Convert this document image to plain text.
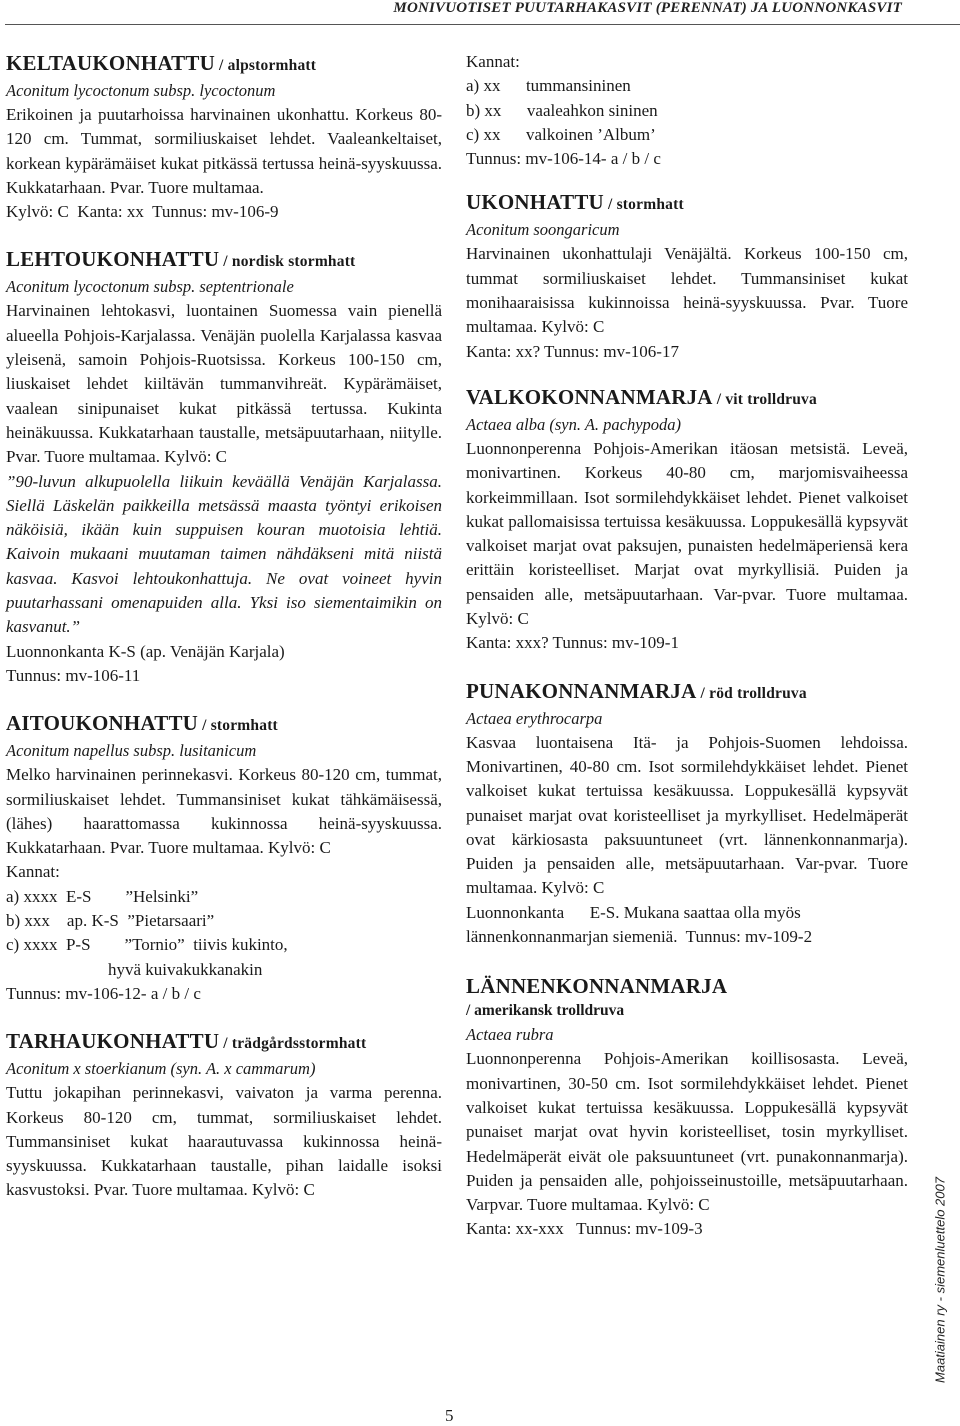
MONIVUOTISET PUUTARHAKASVIT (PERENNAT) JA LUONNONKASVIT

KELTAUKONHATTU / alpstormhatt

Aconitum lycoctonum subsp. lycoctonum

Erikoinen ja puutarhoissa harvinainen ukonhattu. Korkeus 80-120 cm. Tummat, sormiliuskaiset lehdet. Vaaleankeltaiset, korkean kypärämäiset kukat pitkässä tertussa heinä-syyskuussa. Kukkatarhaan. Pvar. Tuore multamaa.

Kylvö: C  Kanta: xx  Tunnus: mv-106-9

LEHTOUKONHATTU / nordisk stormhatt

Aconitum lycoctonum subsp. septentrionale

Harvinainen lehtokasvi, luontainen Suomessa vain pienellä alueella Pohjois-Karjalassa. Venäjän puolella Karjalassa kasvaa yleisenä, samoin Pohjois-Ruotsissa. Korkeus 100-150 cm, liuskaiset lehdet kiiltävän tummanvihreät. Kypärämäiset, vaalean sinipunaiset kukat pitkässä tertussa. Kukinta heinäkuussa. Kukkatarhaan taustalle, metsäpuutarhaan, niitylle. Pvar. Tuore multamaa. Kylvö: C

”90-luvun alkupuolella liikuin keväällä Venäjän Karjalassa. Siellä Läskelän paikkeilla metsässä maasta työntyi erikoisen näköisiä, ikään kuin suppuisen kouran muotoisia lehtiä. Kaivoin mukaani muutaman taimen nähdäkseni mitä niistä kasvaa. Kasvoi lehtoukonhattuja. Ne ovat voineet hyvin puutarhassani omenapuiden alla. Yksi iso siementaimikin on kasvanut.”

Luonnonkanta K-S (ap. Venäjän Karjala)

Tunnus: mv-106-11

AITOUKONHATTU / stormhatt

Aconitum napellus subsp. lusitanicum

Melko harvinainen perinnekasvi. Korkeus 80-120 cm, tummat, sormiliuskaiset lehdet. Tummansiniset kukat tähkämäisessä, (lähes) haarattomassa kukinnossa heinä-syyskuussa. Kukkatarhaan. Pvar. Tuore multamaa. Kylvö: C

Kannat:

a) xxxx  E-S        ”Helsinki”
b) xxx    ap. K-S  ”Pietarsaari”
c) xxxx  P-S        ”Tornio”  tiivis kukinto,
hyvä kuivakukkanakin

Tunnus: mv-106-12- a / b / c

TARHAUKONHATTU / trädgårdsstormhatt

Aconitum x stoerkianum (syn. A. x cammarum)

Tuttu jokapihan perinnekasvi, vaivaton ja varma perenna. Korkeus 80-120 cm, tummat, sormiliuskaiset lehdet. Tummansiniset kukat haarautuvassa kukinnossa heinä-syyskuussa. Kukkatarhaan taustalle, pihan laidalle isoksi kasvustoksi. Pvar. Tuore multamaa. Kylvö: C

Kannat:

a) xx      tummansininen
b) xx      vaaleahkon sininen
c) xx      valkoinen ’Album’

Tunnus: mv-106-14- a / b / c

UKONHATTU / stormhatt

Aconitum soongaricum

Harvinainen ukonhattulaji Venäjältä. Korkeus 100-150 cm, tummat sormiliuskaiset lehdet. Tummansiniset kukat monihaaraisissa kukinnoissa heinä-syyskuussa. Pvar. Tuore multamaa. Kylvö: C

Kanta: xx? Tunnus: mv-106-17

VALKOKONNANMARJA / vit trolldruva

Actaea alba (syn. A. pachypoda)

Luonnonperenna Pohjois-Amerikan itäosan metsistä. Leveä, monivartinen. Korkeus 40-80 cm, marjomisvaiheessa korkeimmillaan. Isot sormilehdykkäiset lehdet. Pienet valkoiset kukat pallomaisissa tertuissa kesäkuussa. Loppukesällä kypsyvät valkoiset marjat ovat paksujen, punaisten hedelmäperiensä kera erittäin koristeelliset. Marjat ovat myrkyllisiä. Puiden ja pensaiden alle, metsäpuutarhaan. Var-pvar. Tuore multamaa. Kylvö: C

Kanta: xxx? Tunnus: mv-109-1

PUNAKONNANMARJA / röd trolldruva

Actaea erythrocarpa

Kasvaa luontaisena Itä- ja Pohjois-Suomen lehdoissa. Monivartinen, 40-80 cm. Isot sormilehdykkäiset lehdet. Pienet valkoiset kukat tertuissa kesäkuussa. Loppukesällä kypsyvät punaiset marjat ovat koristeelliset ja myrkylliset. Hedelmäperät ovat kärkiosasta paksuuntuneet (vrt. lännenkonnanmarja). Puiden ja pensaiden alle, metsäpuutarhaan. Var-pvar. Tuore multamaa. Kylvö: C

Luonnonkanta      E-S. Mukana saattaa olla myös lännenkonnanmarjan siemeniä.  Tunnus: mv-109-2

LÄNNENKONNANMARJA

/ amerikansk trolldruva

Actaea rubra

Luonnonperenna Pohjois-Amerikan koillisosasta. Leveä, monivartinen, 30-50 cm. Isot sormilehdykkäiset lehdet. Pienet valkoiset kukat tertuissa kesäkuussa. Loppukesällä kypsyvät punaiset marjat ovat hyvin koristeelliset, tosin myrkylliset. Hedelmäperät eivät ole paksuuntuneet (vrt. punakonnanmarja). Puiden ja pensaiden alle, pohjoisseinustoille, metsäpuutarhaan. Varpvar. Tuore multamaa. Kylvö: C

Kanta: xx-xxx   Tunnus: mv-109-3	Maatiainen ry - siemenluettelo 2007
5
